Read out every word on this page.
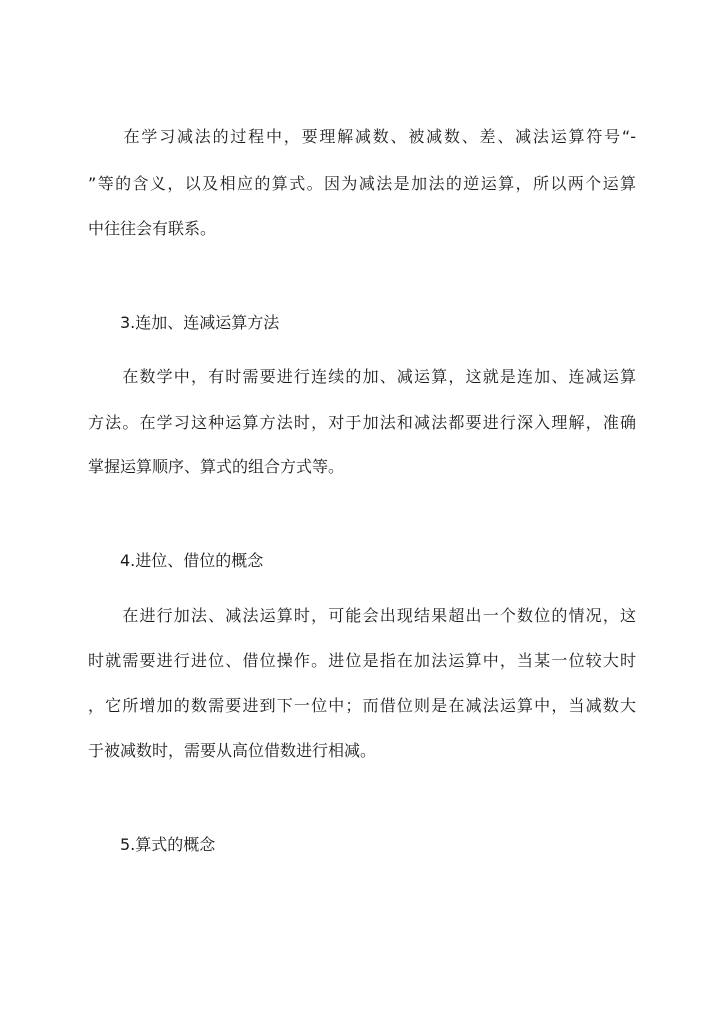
　　在学习减法的过程中，要理解减数、被减数、差、减法运算符号“-
”等的含义，以及相应的算式。因为减法是加法的逆运算，所以两个运算
中往往会有联系。
3.连加、连减运算方法
　　在数学中，有时需要进行连续的加、减运算，这就是连加、连减运算
方法。在学习这种运算方法时，对于加法和减法都要进行深入理解，准确
掌握运算顺序、算式的组合方式等。
4.进位、借位的概念
　　在进行加法、减法运算时，可能会出现结果超出一个数位的情况，这
时就需要进行进位、借位操作。进位是指在加法运算中，当某一位较大时
，它所增加的数需要进到下一位中；而借位则是在减法运算中，当减数大
于被减数时，需要从高位借数进行相减。
5.算式的概念
